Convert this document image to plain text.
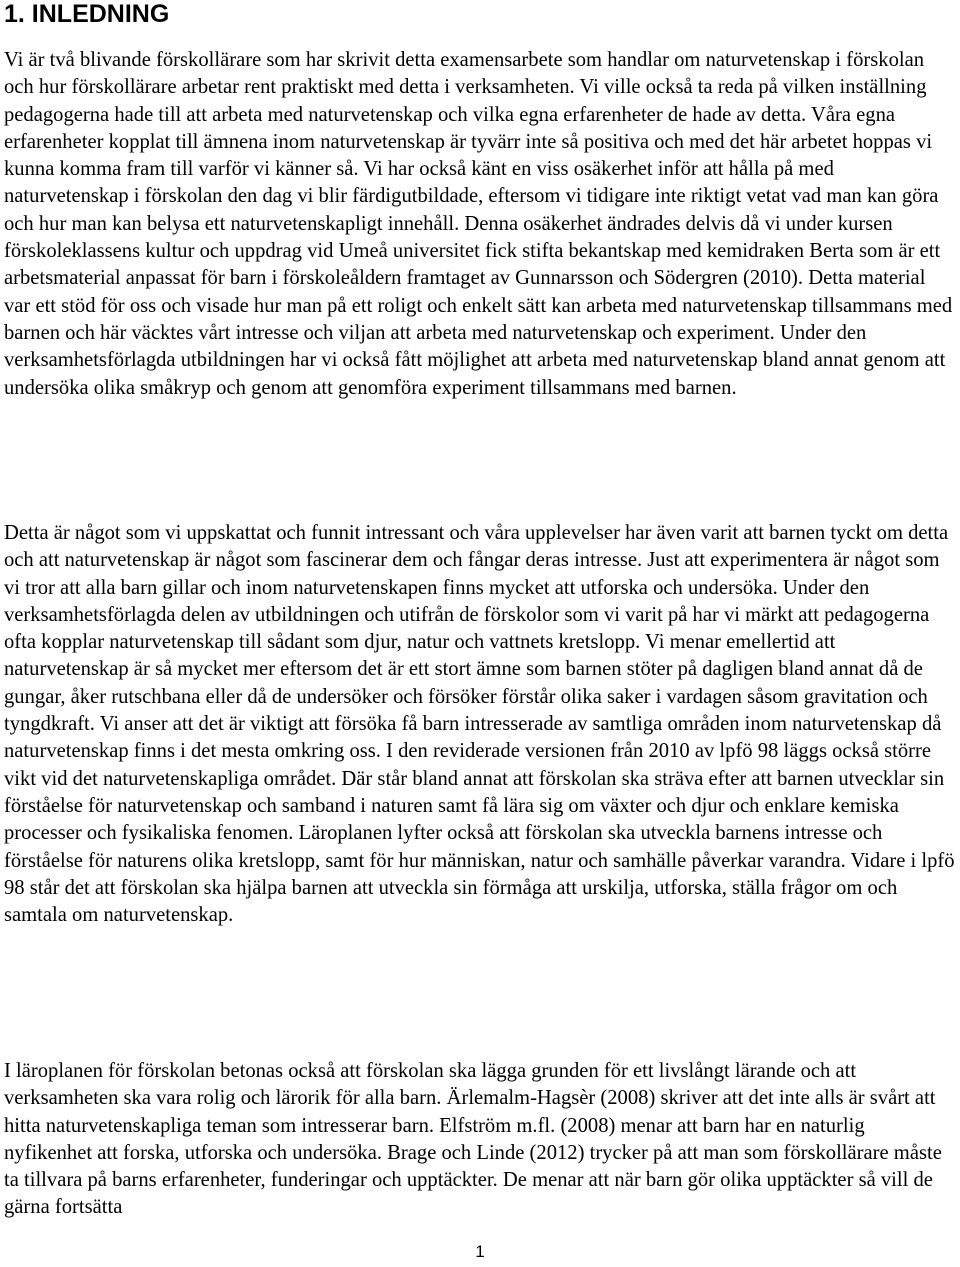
1. INLEDNING

Vi är två blivande förskollärare som har skrivit detta examensarbete som handlar om naturvetenskap i förskolan och hur förskollärare arbetar rent praktiskt med detta i verksamheten. Vi ville också ta reda på vilken inställning pedagogerna hade till att arbeta med naturvetenskap och vilka egna erfarenheter de hade av detta. Våra egna erfarenheter kopplat till ämnena inom naturvetenskap är tyvärr inte så positiva och med det här arbetet hoppas vi kunna komma fram till varför vi känner så. Vi har också känt en viss osäkerhet inför att hålla på med naturvetenskap i förskolan den dag vi blir färdigutbildade, eftersom vi tidigare inte riktigt vetat vad man kan göra och hur man kan belysa ett naturvetenskapligt innehåll. Denna osäkerhet ändrades delvis då vi under kursen förskoleklassens kultur och uppdrag vid Umeå universitet fick stifta bekantskap med kemidraken Berta som är ett arbetsmaterial anpassat för barn i förskoleåldern framtaget av Gunnarsson och Södergren (2010). Detta material var ett stöd för oss och visade hur man på ett roligt och enkelt sätt kan arbeta med naturvetenskap tillsammans med barnen och här väcktes vårt intresse och viljan att arbeta med naturvetenskap och experiment. Under den verksamhetsförlagda utbildningen har vi också fått möjlighet att arbeta med naturvetenskap bland annat genom att undersöka olika småkryp och genom att genomföra experiment tillsammans med barnen.

Detta är något som vi uppskattat och funnit intressant och våra upplevelser har även varit att barnen tyckt om detta och att naturvetenskap är något som fascinerar dem och fångar deras intresse. Just att experimentera är något som vi tror att alla barn gillar och inom naturvetenskapen finns mycket att utforska och undersöka. Under den verksamhetsförlagda delen av utbildningen och utifrån de förskolor som vi varit på har vi märkt att pedagogerna ofta kopplar naturvetenskap till sådant som djur, natur och vattnets kretslopp. Vi menar emellertid att naturvetenskap är så mycket mer eftersom det är ett stort ämne som barnen stöter på dagligen bland annat då de gungar, åker rutschbana eller då de undersöker och försöker förstår olika saker i vardagen såsom gravitation och tyngdkraft. Vi anser att det är viktigt att försöka få barn intresserade av samtliga områden inom naturvetenskap då naturvetenskap finns i det mesta omkring oss. I den reviderade versionen från 2010 av lpfö 98 läggs också större vikt vid det naturvetenskapliga området. Där står bland annat att förskolan ska sträva efter att barnen utvecklar sin förståelse för naturvetenskap och samband i naturen samt få lära sig om växter och djur och enklare kemiska processer och fysikaliska fenomen. Läroplanen lyfter också att förskolan ska utveckla barnens intresse och förståelse för naturens olika kretslopp, samt för hur människan, natur och samhälle påverkar varandra. Vidare i lpfö 98 står det att förskolan ska hjälpa barnen att utveckla sin förmåga att urskilja, utforska, ställa frågor om och samtala om naturvetenskap.

I läroplanen för förskolan betonas också att förskolan ska lägga grunden för ett livslångt lärande och att verksamheten ska vara rolig och lärorik för alla barn. Ärlemalm-Hagsèr (2008) skriver att det inte alls är svårt att hitta naturvetenskapliga teman som intresserar barn. Elfström m.fl. (2008) menar att barn har en naturlig nyfikenhet att forska, utforska och undersöka. Brage och Linde (2012) trycker på att man som förskollärare måste ta tillvara på barns erfarenheter, funderingar och upptäckter. De menar att när barn gör olika upptäckter så vill de gärna fortsätta

1
